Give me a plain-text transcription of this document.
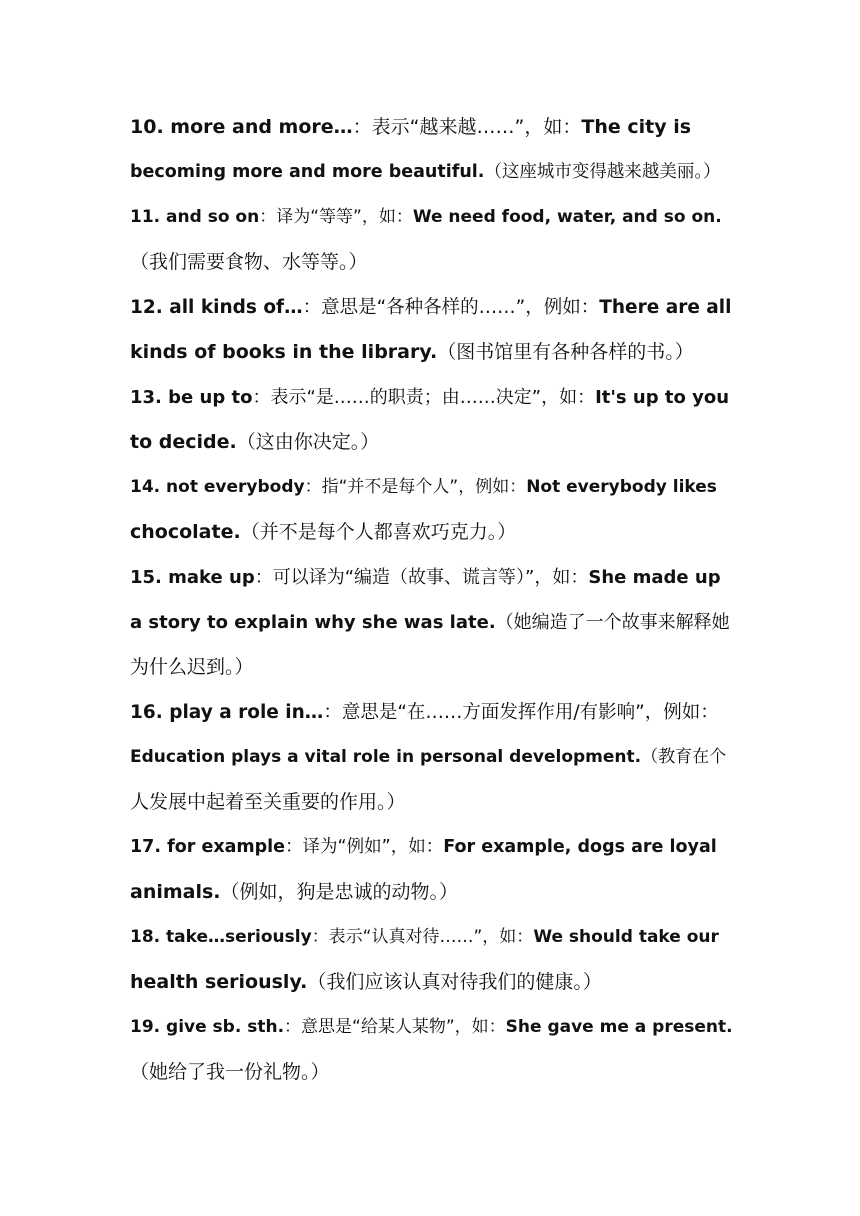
10. more and more…：表示“越来越……”，如：The city is
becoming more and more beautiful.（这座城市变得越来越美丽。）
11. and so on：译为“等等”，如：We need food, water, and so on.
（我们需要食物、水等等。）
12. all kinds of…：意思是“各种各样的……”，例如：There are all
kinds of books in the library.（图书馆里有各种各样的书。）
13. be up to：表示“是……的职责；由……决定”，如：It's up to you
to decide.（这由你决定。）
14. not everybody：指“并不是每个人”，例如：Not everybody likes
chocolate.（并不是每个人都喜欢巧克力。）
15. make up：可以译为“编造（故事、谎言等）”，如：She made up
a story to explain why she was late.（她编造了一个故事来解释她
为什么迟到。）
16. play a role in…：意思是“在……方面发挥作用/有影响”，例如：
Education plays a vital role in personal development.（教育在个
人发展中起着至关重要的作用。）
17. for example：译为“例如”，如：For example, dogs are loyal
animals.（例如，狗是忠诚的动物。）
18. take…seriously：表示“认真对待……”，如：We should take our
health seriously.（我们应该认真对待我们的健康。）
19. give sb. sth.：意思是“给某人某物”，如：She gave me a present.
（她给了我一份礼物。）
